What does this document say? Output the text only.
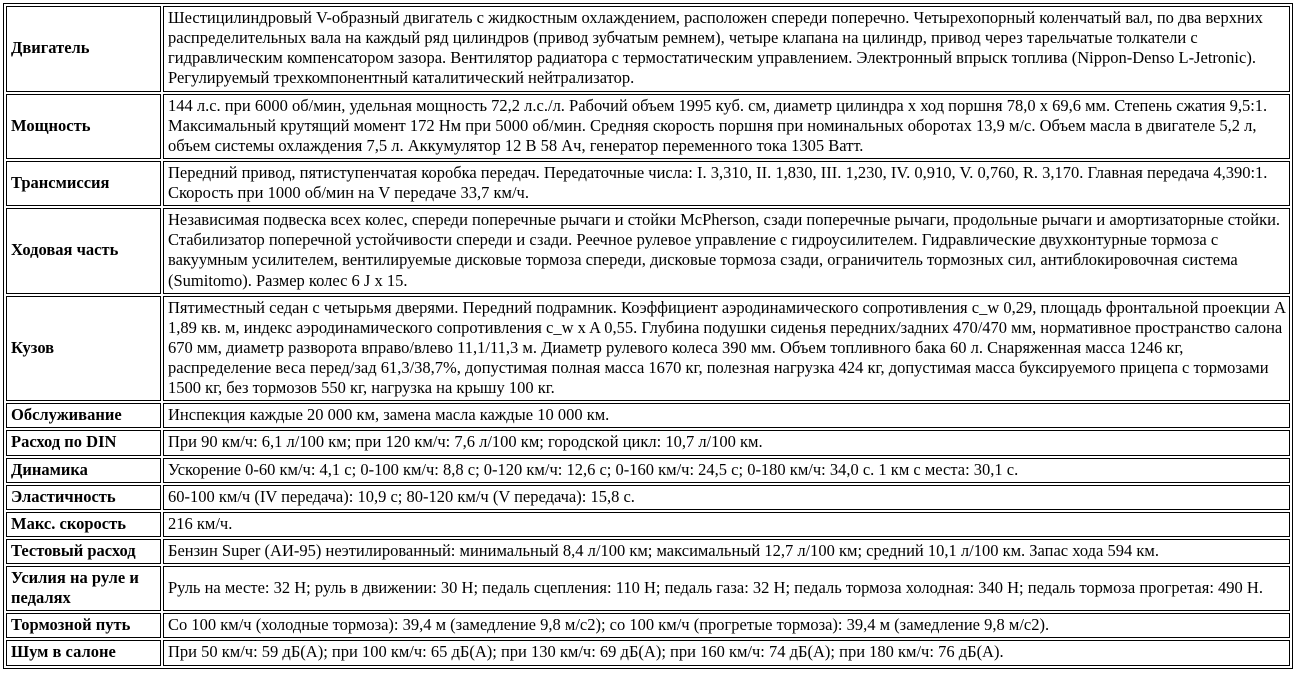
Двигатель	Шестицилиндровый V-образный двигатель с жидкостным охлаждением, расположен спереди поперечно. Четырехопорный коленчатый вал, по два верхних распределительных вала на каждый ряд цилиндров (привод зубчатым ремнем), четыре клапана на цилиндр, привод через тарельчатые толкатели с гидравлическим компенсатором зазора. Вентилятор радиатора с термостатическим управлением. Электронный впрыск топлива (Nippon-Denso L-Jetronic). Регулируемый трехкомпонентный каталитический нейтрализатор.
Мощность	144 л.с. при 6000 об/мин, удельная мощность 72,2 л.с./л. Рабочий объем 1995 куб. см, диаметр цилиндра x ход поршня 78,0 x 69,6 мм. Степень сжатия 9,5:1. Максимальный крутящий момент 172 Нм при 5000 об/мин. Средняя скорость поршня при номинальных оборотах 13,9 м/с. Объем масла в двигателе 5,2 л, объем системы охлаждения 7,5 л. Аккумулятор 12 В 58 Ач, генератор переменного тока 1305 Ватт.
Трансмиссия	Передний привод, пятиступенчатая коробка передач. Передаточные числа: I. 3,310, II. 1,830, III. 1,230, IV. 0,910, V. 0,760, R. 3,170. Главная передача 4,390:1. Скорость при 1000 об/мин на V передаче 33,7 км/ч.
Ходовая часть	Независимая подвеска всех колес, спереди поперечные рычаги и стойки McPherson, сзади поперечные рычаги, продольные рычаги и амортизаторные стойки. Стабилизатор поперечной устойчивости спереди и сзади. Реечное рулевое управление с гидроусилителем. Гидравлические двухконтурные тормоза с вакуумным усилителем, вентилируемые дисковые тормоза спереди, дисковые тормоза сзади, ограничитель тормозных сил, антиблокировочная система (Sumitomo). Размер колес 6 J x 15.
Кузов	Пятиместный седан с четырьмя дверями. Передний подрамник. Коэффициент аэродинамического сопротивления c_w 0,29, площадь фронтальной проекции A 1,89 кв. м, индекс аэродинамического сопротивления c_w x A 0,55. Глубина подушки сиденья передних/задних 470/470 мм, нормативное пространство салона 670 мм, диаметр разворота вправо/влево 11,1/11,3 м. Диаметр рулевого колеса 390 мм. Объем топливного бака 60 л. Снаряженная масса 1246 кг, распределение веса перед/зад 61,3/38,7%, допустимая полная масса 1670 кг, полезная нагрузка 424 кг, допустимая масса буксируемого прицепа с тормозами 1500 кг, без тормозов 550 кг, нагрузка на крышу 100 кг.
Обслуживание	Инспекция каждые 20 000 км, замена масла каждые 10 000 км.
Расход по DIN	При 90 км/ч: 6,1 л/100 км; при 120 км/ч: 7,6 л/100 км; городской цикл: 10,7 л/100 км.
Динамика	Ускорение 0-60 км/ч: 4,1 с; 0-100 км/ч: 8,8 с; 0-120 км/ч: 12,6 с; 0-160 км/ч: 24,5 с; 0-180 км/ч: 34,0 с. 1 км с места: 30,1 с.
Эластичность	60-100 км/ч (IV передача): 10,9 с; 80-120 км/ч (V передача): 15,8 с.
Макс. скорость	216 км/ч.
Тестовый расход	Бензин Super (АИ-95) неэтилированный: минимальный 8,4 л/100 км; максимальный 12,7 л/100 км; средний 10,1 л/100 км. Запас хода 594 км.
Усилия на руле и педалях	Руль на месте: 32 Н; руль в движении: 30 Н; педаль сцепления: 110 Н; педаль газа: 32 Н; педаль тормоза холодная: 340 Н; педаль тормоза прогретая: 490 Н.
Тормозной путь	Со 100 км/ч (холодные тормоза): 39,4 м (замедление 9,8 м/с2); со 100 км/ч (прогретые тормоза): 39,4 м (замедление 9,8 м/с2).
Шум в салоне	При 50 км/ч: 59 дБ(А); при 100 км/ч: 65 дБ(А); при 130 км/ч: 69 дБ(А); при 160 км/ч: 74 дБ(А); при 180 км/ч: 76 дБ(А).
